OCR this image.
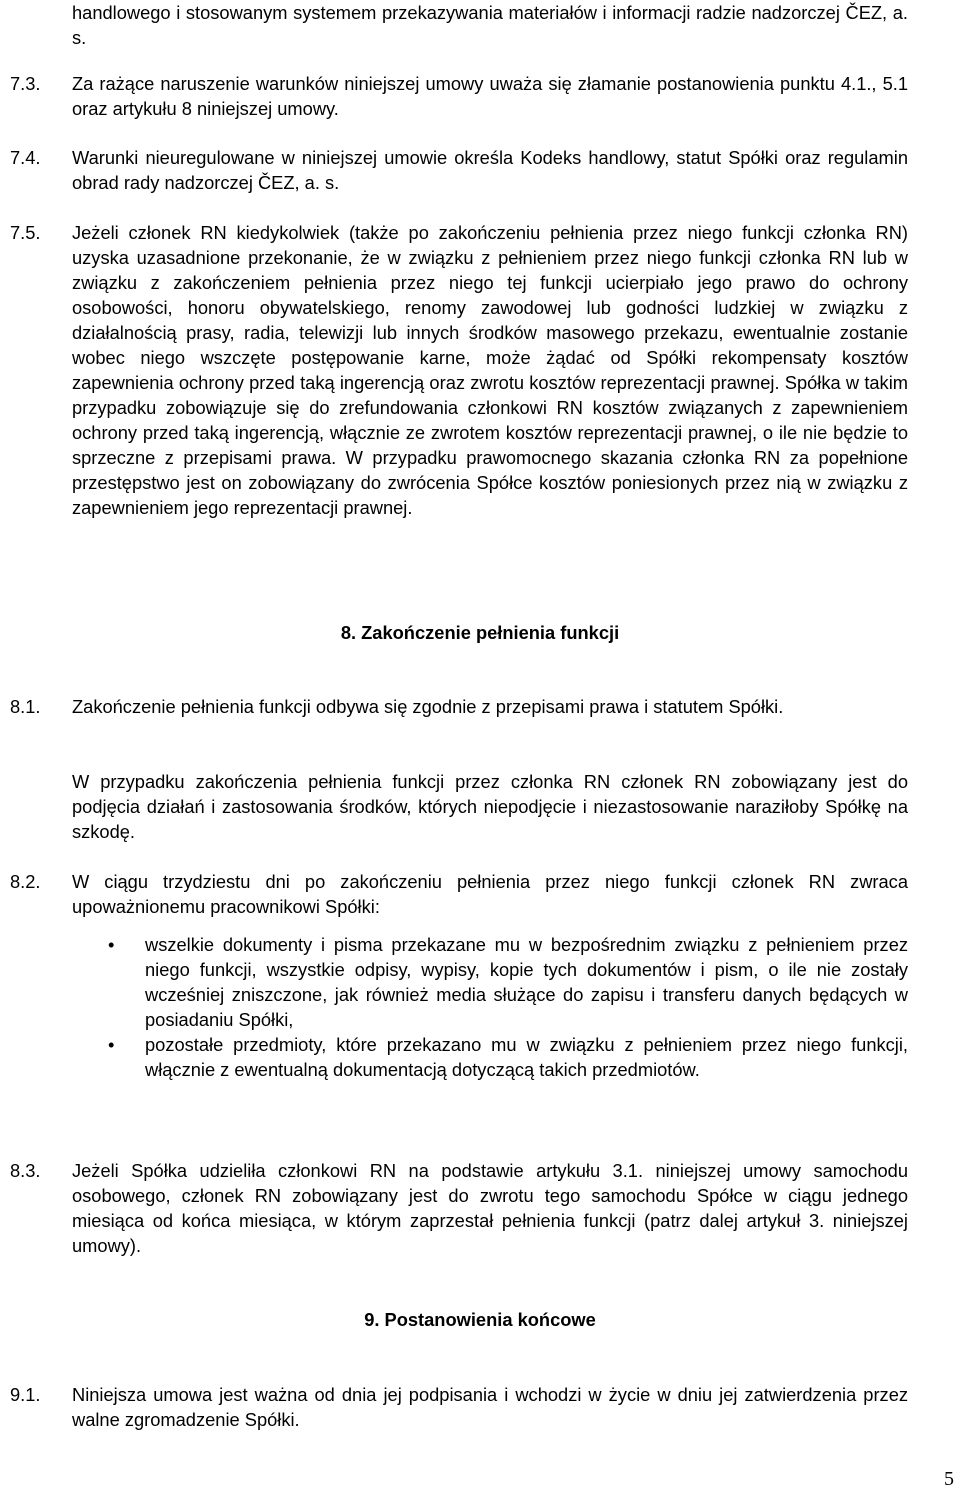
handlowego i stosowanym systemem przekazywania materiałów i informacji radzie nadzorczej ČEZ, a. s.
7.3.	Za rażące naruszenie warunków niniejszej umowy uważa się złamanie postanowienia punktu 4.1., 5.1 oraz artykułu 8 niniejszej umowy.
7.4.	Warunki nieuregulowane w niniejszej umowie określa Kodeks handlowy, statut Spółki oraz regulamin obrad rady nadzorczej ČEZ, a. s.
7.5.	Jeżeli członek RN kiedykolwiek (także po zakończeniu pełnienia przez niego funkcji członka RN) uzyska uzasadnione przekonanie, że w związku z pełnieniem przez niego funkcji członka RN lub w związku z zakończeniem pełnienia przez niego tej funkcji ucierpiało jego prawo do ochrony osobowości, honoru obywatelskiego, renomy zawodowej lub godności ludzkiej w związku z działalnością prasy, radia, telewizji lub innych środków masowego przekazu, ewentualnie zostanie wobec niego wszczęte postępowanie karne, może żądać od Spółki rekompensaty kosztów zapewnienia ochrony przed taką ingerencją oraz zwrotu kosztów reprezentacji prawnej. Spółka w takim przypadku zobowiązuje się do zrefundowania członkowi RN kosztów związanych z zapewnieniem ochrony przed taką ingerencją, włącznie ze zwrotem kosztów reprezentacji prawnej, o ile nie będzie to sprzeczne z przepisami prawa. W przypadku prawomocnego skazania członka RN za popełnione przestępstwo jest on zobowiązany do zwrócenia Spółce kosztów poniesionych przez nią w związku z zapewnieniem jego reprezentacji prawnej.
8. Zakończenie pełnienia funkcji
8.1.	Zakończenie pełnienia funkcji odbywa się zgodnie z przepisami prawa i statutem Spółki.
W przypadku zakończenia pełnienia funkcji przez członka RN członek RN zobowiązany jest do podjęcia działań i zastosowania środków, których niepodjęcie i niezastosowanie naraziłoby Spółkę na szkodę.
8.2.	W ciągu trzydziestu dni po zakończeniu pełnienia przez niego funkcji członek RN zwraca upoważnionemu pracownikowi Spółki:
• wszelkie dokumenty i pisma przekazane mu w bezpośrednim związku z pełnieniem przez niego funkcji, wszystkie odpisy, wypisy, kopie tych dokumentów i pism, o ile nie zostały wcześniej zniszczone, jak również media służące do zapisu i transferu danych będących w posiadaniu Spółki,
• pozostałe przedmioty, które przekazano mu w związku z pełnieniem przez niego funkcji, włącznie z ewentualną dokumentacją dotyczącą takich przedmiotów.
8.3.	Jeżeli Spółka udzieliła członkowi RN na podstawie artykułu 3.1. niniejszej umowy samochodu osobowego, członek RN zobowiązany jest do zwrotu tego samochodu Spółce w ciągu jednego miesiąca od końca miesiąca, w którym zaprzestał pełnienia funkcji (patrz dalej artykuł 3. niniejszej umowy).
9. Postanowienia końcowe
9.1.	Niniejsza umowa jest ważna od dnia jej podpisania i wchodzi w życie w dniu jej zatwierdzenia przez walne zgromadzenie Spółki.
5
